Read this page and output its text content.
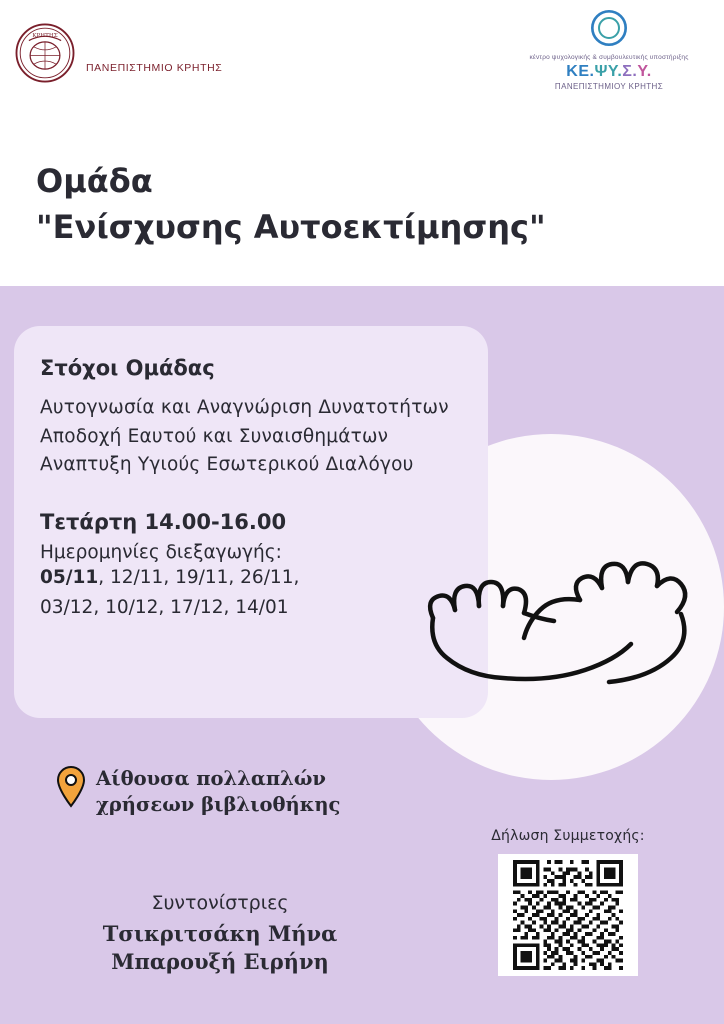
ΚΡΗΤΗΣ
ΠΑΝΕΠΙΣΤΗΜΙΟ ΚΡΗΤΗΣ
κέντρο ψυχολογικής & συμβουλευτικής υποστήριξης
ΚΕ.ΨΥ.Σ.Υ.
ΠΑΝΕΠΙΣΤΗΜΙΟΥ ΚΡΗΤΗΣ
Ομάδα
"Ενίσχυσης Αυτοεκτίμησης"
Στόχοι Ομάδας
Αυτογνωσία και Αναγνώριση Δυνατοτήτων
Αποδοχή Εαυτού και Συναισθημάτων
Αναπτυξη Υγιούς Εσωτερικού Διαλόγου
Τετάρτη 14.00-16.00
Ημερομηνίες διεξαγωγής:
05/11, 12/11, 19/11, 26/11,
03/12, 10/12, 17/12, 14/01
Αίθουσα πολλαπλών
χρήσεων βιβλιοθήκης
Δήλωση Συμμετοχής:
Συντονίστριες
Τσικριτσάκη Μήνα
Μπαρουξή Ειρήνη
